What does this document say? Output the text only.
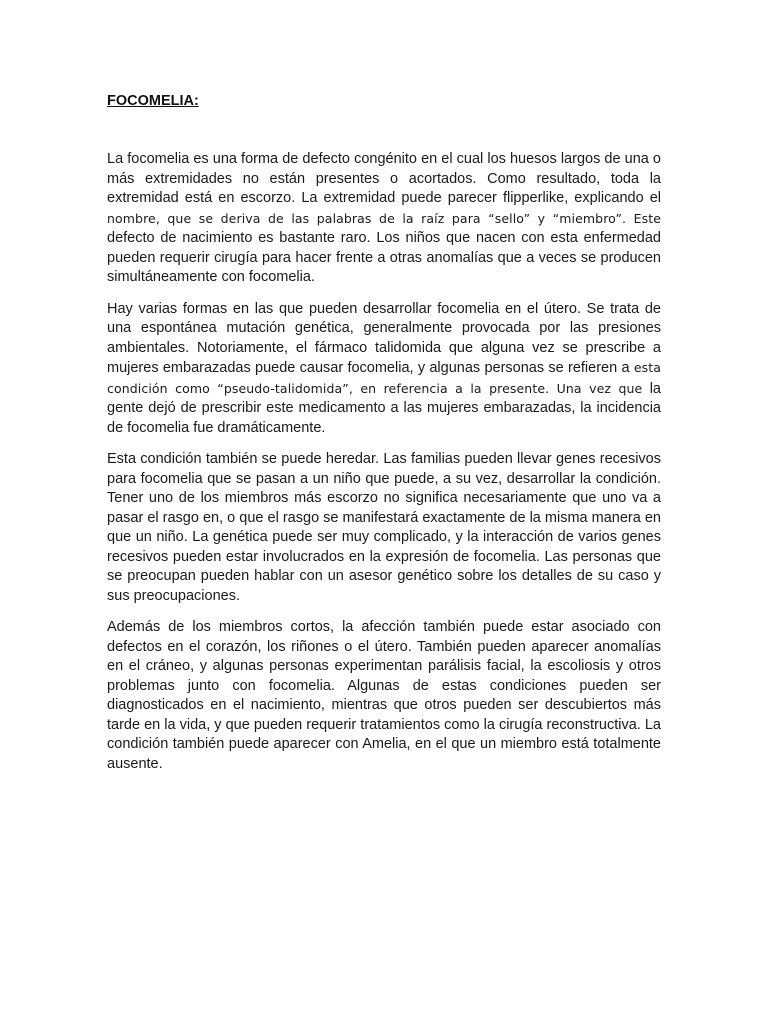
FOCOMELIA:

La focomelia es una forma de defecto congénito en el cual los huesos largos de una o más extremidades no están presentes o acortados. Como resultado, toda la extremidad está en escorzo. La extremidad puede parecer flipperlike, explicando el nombre, que se deriva de las palabras de la raíz para “sello” y “miembro”. Este defecto de nacimiento es bastante raro. Los niños que nacen con esta enfermedad pueden requerir cirugía para hacer frente a otras anomalías que a veces se producen simultáneamente con focomelia.

Hay varias formas en las que pueden desarrollar focomelia en el útero. Se trata de una espontánea mutación genética, generalmente provocada por las presiones ambientales. Notoriamente, el fármaco talidomida que alguna vez se prescribe a mujeres embarazadas puede causar focomelia, y algunas personas se refieren a esta condición como “pseudo-talidomida”, en referencia a la presente. Una vez que la gente dejó de prescribir este medicamento a las mujeres embarazadas, la incidencia de focomelia fue dramáticamente.

Esta condición también se puede heredar. Las familias pueden llevar genes recesivos para focomelia que se pasan a un niño que puede, a su vez, desarrollar la condición. Tener uno de los miembros más escorzo no significa necesariamente que uno va a pasar el rasgo en, o que el rasgo se manifestará exactamente de la misma manera en que un niño. La genética puede ser muy complicado, y la interacción de varios genes recesivos pueden estar involucrados en la expresión de focomelia. Las personas que se preocupan pueden hablar con un asesor genético sobre los detalles de su caso y sus preocupaciones.

Además de los miembros cortos, la afección también puede estar asociado con defectos en el corazón, los riñones o el útero. También pueden aparecer anomalías en el cráneo, y algunas personas experimentan parálisis facial, la escoliosis y otros problemas junto con focomelia. Algunas de estas condiciones pueden ser diagnosticados en el nacimiento, mientras que otros pueden ser descubiertos más tarde en la vida, y que pueden requerir tratamientos como la cirugía reconstructiva. La condición también puede aparecer con Amelia, en el que un miembro está totalmente ausente.
